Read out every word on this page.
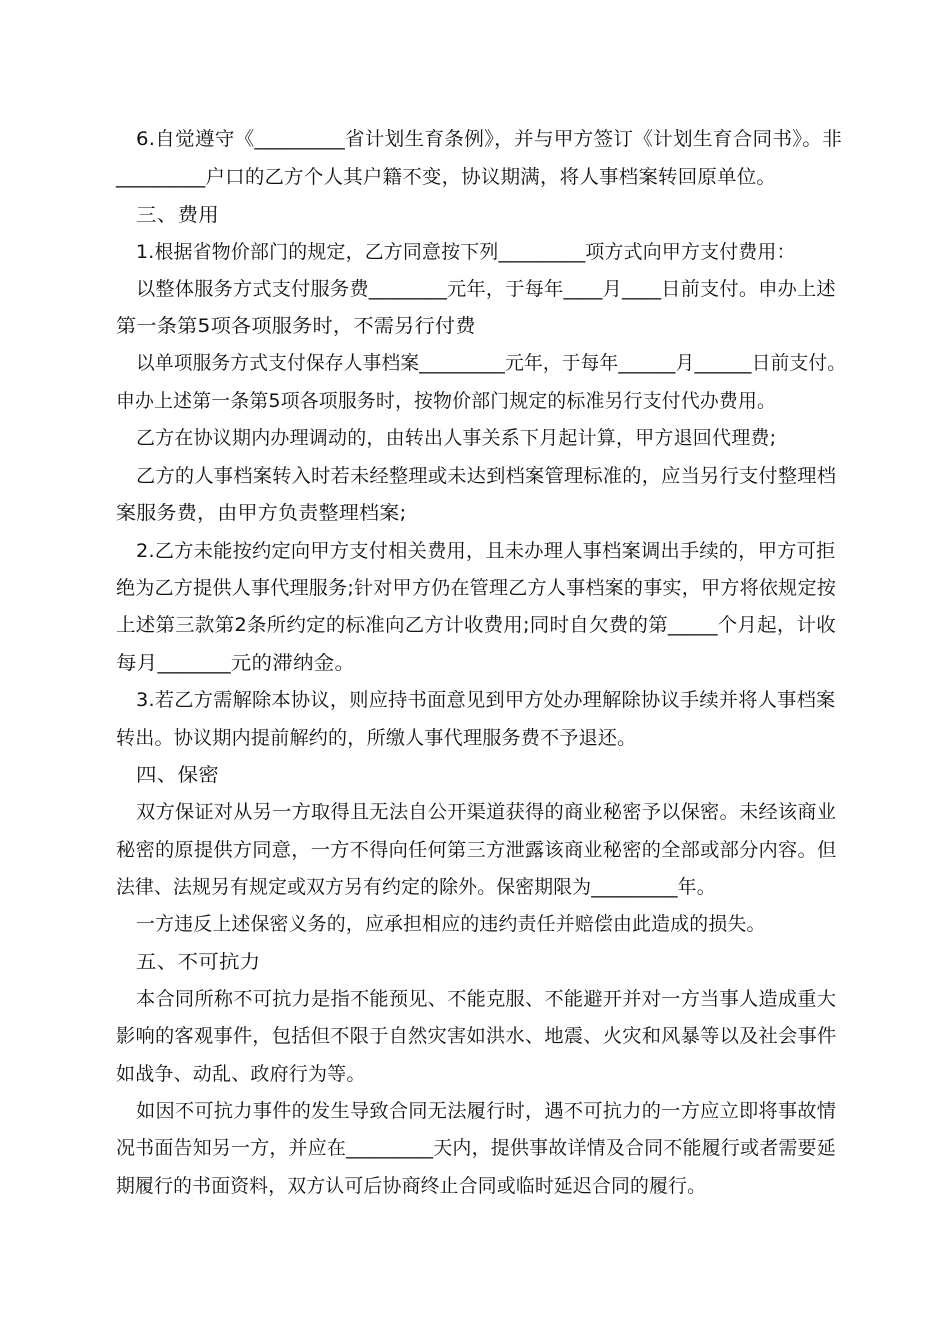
6.自觉遵守《_________省计划生育条例》，并与甲方签订《计划生育合同书》。非
_________户口的乙方个人其户籍不变，协议期满，将人事档案转回原单位。
三、费用
1.根据省物价部门的规定，乙方同意按下列_________项方式向甲方支付费用：
以整体服务方式支付服务费________元年，于每年____月____日前支付。申办上述
第一条第5项各项服务时，不需另行付费
以单项服务方式支付保存人事档案_________元年，于每年______月______日前支付。
申办上述第一条第5项各项服务时，按物价部门规定的标准另行支付代办费用。
乙方在协议期内办理调动的，由转出人事关系下月起计算，甲方退回代理费;
乙方的人事档案转入时若未经整理或未达到档案管理标准的，应当另行支付整理档
案服务费，由甲方负责整理档案;
2.乙方未能按约定向甲方支付相关费用，且未办理人事档案调出手续的，甲方可拒
绝为乙方提供人事代理服务;针对甲方仍在管理乙方人事档案的事实，甲方将依规定按
上述第三款第2条所约定的标准向乙方计收费用;同时自欠费的第_____个月起，计收
每月_______元的滞纳金。
3.若乙方需解除本协议，则应持书面意见到甲方处办理解除协议手续并将人事档案
转出。协议期内提前解约的，所缴人事代理服务费不予退还。
四、保密
双方保证对从另一方取得且无法自公开渠道获得的商业秘密予以保密。未经该商业
秘密的原提供方同意，一方不得向任何第三方泄露该商业秘密的全部或部分内容。但
法律、法规另有规定或双方另有约定的除外。保密期限为_________年。
一方违反上述保密义务的，应承担相应的违约责任并赔偿由此造成的损失。
五、不可抗力
本合同所称不可抗力是指不能预见、不能克服、不能避开并对一方当事人造成重大
影响的客观事件，包括但不限于自然灾害如洪水、地震、火灾和风暴等以及社会事件
如战争、动乱、政府行为等。
如因不可抗力事件的发生导致合同无法履行时，遇不可抗力的一方应立即将事故情
况书面告知另一方，并应在_________天内，提供事故详情及合同不能履行或者需要延
期履行的书面资料，双方认可后协商终止合同或临时延迟合同的履行。
